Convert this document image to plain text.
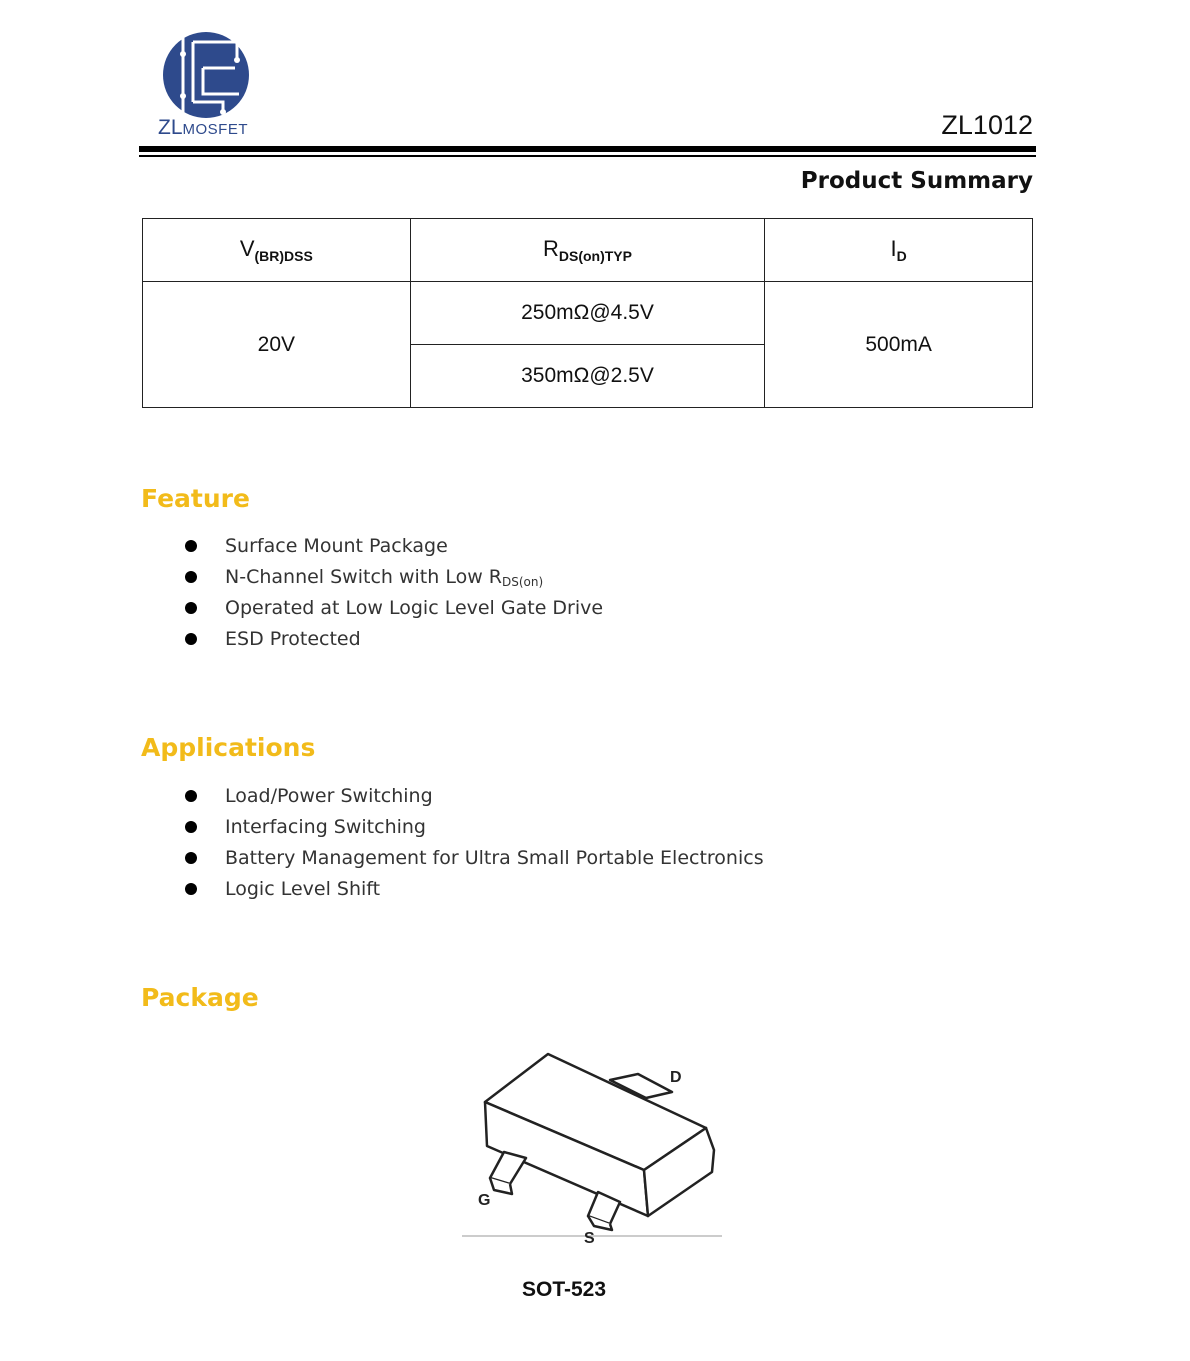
ZLMOSFET	ZL1012
Product Summary
$V_{(BR)DSS}$	$R_{DS(on)TYP}$	$I_D$
20V	250mΩ@4.5V	500mA
	350mΩ@2.5V	
Feature
Surface Mount Package
N-Channel Switch with Low $R_{DS(on)}$
Operated at Low Logic Level Gate Drive
ESD Protected
Applications
Load/Power Switching
Interfacing Switching
Battery Management for Ultra Small Portable Electronics
Logic Level Shift
Package
D
G
S
SOT-523
